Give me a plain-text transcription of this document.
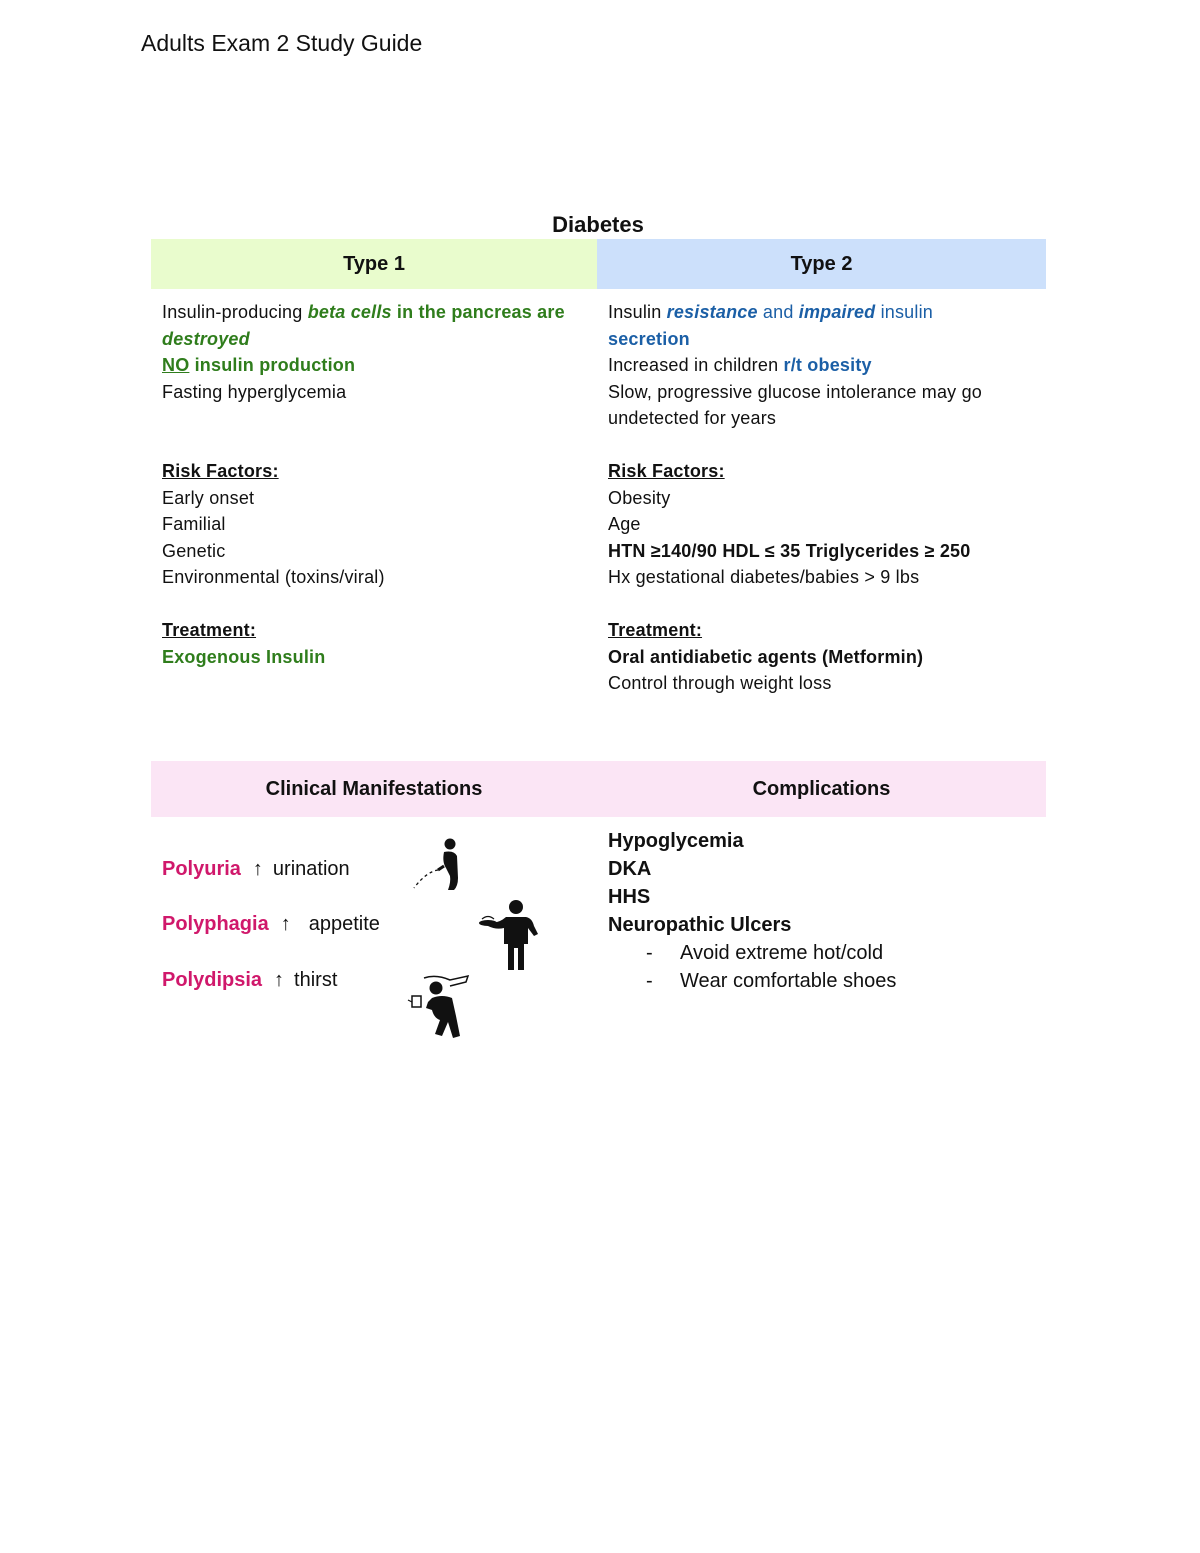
Adults Exam 2 Study Guide
Diabetes
Type 1	Type 2
Insulin-producing beta cells in the pancreas are
destroyed
NO insulin production
Fasting hyperglycemia
Risk Factors:
Early onset
Familial
Genetic
Environmental (toxins/viral)
Treatment:
Exogenous Insulin
Insulin resistance and impaired insulin
secretion
Increased in children r/t obesity
Slow, progressive glucose intolerance may go
undetected for years
Risk Factors:
Obesity
Age
HTN ≥140/90 HDL ≤ 35 Triglycerides ≥ 250
Hx gestational diabetes/babies > 9 lbs
Treatment:
Oral antidiabetic agents (Metformin)
Control through weight loss
Clinical Manifestations	Complications
Polyuria ↑ urination
Polyphagia ↑ appetite
Polydipsia ↑ thirst
Hypoglycemia
DKA
HHS
Neuropathic Ulcers
- Avoid extreme hot/cold
- Wear comfortable shoes
